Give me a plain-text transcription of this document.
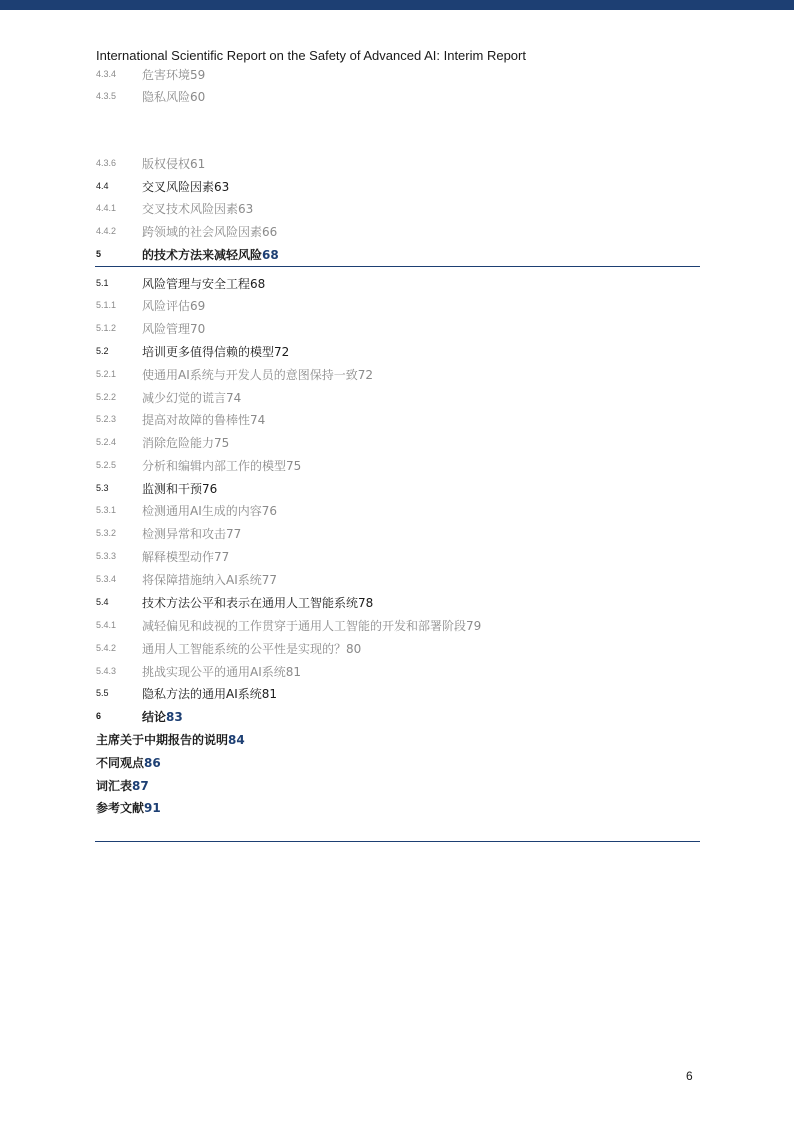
International Scientific Report on the Safety of Advanced AI: Interim Report
4.3.4 危害环境59
4.3.5 隐私风险60
4.3.6 版权侵权61
4.4	交叉风险因素63
4.4.1 交叉技术风险因素63
4.4.2 跨领域的社会风险因素66
5	的技术方法来减轻风险68
5.1	风险管理与安全工程68
5.1.1 风险评估69
5.1.2 风险管理70
5.2	培训更多值得信赖的模型72
5.2.1 使通用AI系统与开发人员的意图保持一致72
5.2.2 减少幻觉的谎言74
5.2.3 提高对故障的鲁棒性74
5.2.4 消除危险能力75
5.2.5 分析和编辑内部工作的模型75
5.3	监测和干预76
5.3.1 检测通用AI生成的内容76
5.3.2 检测异常和攻击77
5.3.3 解释模型动作77
5.3.4 将保障措施纳入AI系统77
5.4	技术方法公平和表示在通用人工智能系统78
5.4.1 减轻偏见和歧视的工作贯穿于通用人工智能的开发和部署阶段79
5.4.2 通用人工智能系统的公平性是实现的？80
5.4.3 挑战实现公平的通用AI系统81
5.5	隐私方法的通用AI系统81
6	结论83
主席关于中期报告的说明84
不同观点86
词汇表87
参考文献91
6
